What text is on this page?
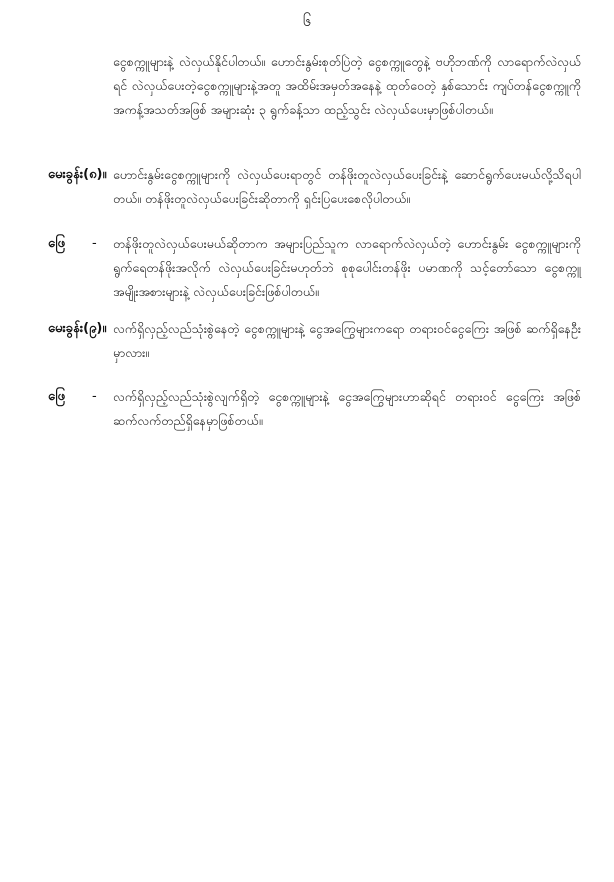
၆
ငွေစက္ကူများနဲ့ လဲလှယ်နိုင်ပါတယ်။ ဟောင်းနွမ်းစုတ်ပြဲတဲ့ ငွေစက္ကူတွေနဲ့ ဗဟိုဘဏ်ကို လာရောက်လဲလှယ်ရင် လဲလှယ်ပေးတဲ့ငွေစက္ကူများနဲ့အတူ အထိမ်းအမှတ်အနေနဲ့ ထုတ်ဝေတဲ့ နှစ်သောင်း ကျပ်တန်ငွေစက္ကူကို အကန့်အသတ်အဖြစ် အများဆုံး ၃ ရွက်ခန့်သာ ထည့်သွင်း လဲလှယ်ပေးမှာဖြစ်ပါတယ်။
မေးခွန်း(၈)။ ဟောင်းနွမ်းငွေစက္ကူများကို လဲလှယ်ပေးရာတွင် တန်ဖိုးတူလဲလှယ်ပေးခြင်းနဲ့ ဆောင်ရွက်ပေးမယ်လို့သိရပါတယ်။ တန်ဖိုးတူလဲလှယ်ပေးခြင်းဆိုတာကို ရှင်းပြပေးစေလိုပါတယ်။
ဖြေ - တန်ဖိုးတူလဲလှယ်ပေးမယ်ဆိုတာက အများပြည်သူက လာရောက်လဲလှယ်တဲ့ ဟောင်းနွမ်း ငွေစက္ကူများကို ရွက်ရေတန်ဖိုးအလိုက် လဲလှယ်ပေးခြင်းမဟုတ်ဘဲ စုစုပေါင်းတန်ဖိုး ပမာဏကို သင့်တော်သော ငွေစက္ကူအမျိုးအစားများနဲ့ လဲလှယ်ပေးခြင်းဖြစ်ပါတယ်။
မေးခွန်း(၉)။ လက်ရှိလှည့်လည်သုံးစွဲနေတဲ့ ငွေစက္ကူများနဲ့ ငွေအကြွေများကရော တရားဝင်ငွေကြေး အဖြစ် ဆက်ရှိနေဦးမှာလား။
ဖြေ - လက်ရှိလှည့်လည်သုံးစွဲလျက်ရှိတဲ့ ငွေစက္ကူများနဲ့ ငွေအကြွေများဟာဆိုရင် တရားဝင် ငွေကြေး အဖြစ် ဆက်လက်တည်ရှိနေမှာဖြစ်တယ်။
